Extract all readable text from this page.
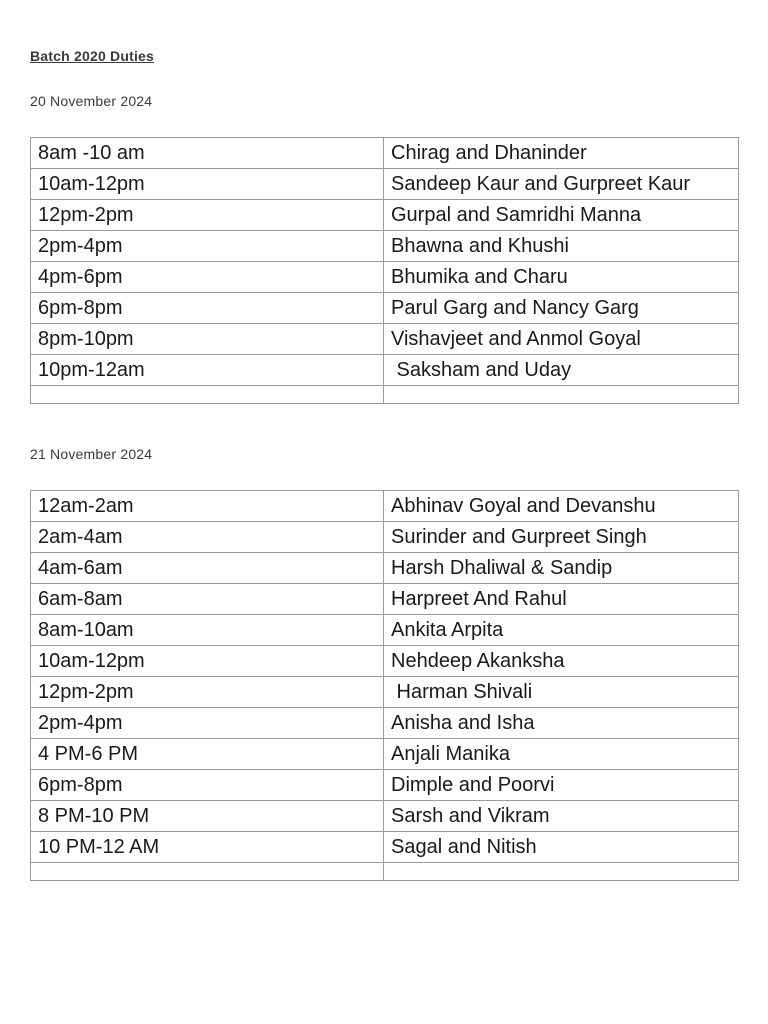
Batch 2020 Duties
20 November 2024
8am -10 am	Chirag and Dhaninder
10am-12pm	Sandeep Kaur and Gurpreet Kaur
12pm-2pm	Gurpal and Samridhi Manna
2pm-4pm	Bhawna and Khushi
4pm-6pm	Bhumika and Charu
6pm-8pm	Parul Garg and Nancy Garg
8pm-10pm	Vishavjeet and Anmol Goyal
10pm-12am	Saksham and Uday

21 November 2024
12am-2am	Abhinav Goyal and Devanshu
2am-4am	Surinder and Gurpreet Singh
4am-6am	Harsh Dhaliwal & Sandip
6am-8am	Harpreet And Rahul
8am-10am	Ankita Arpita
10am-12pm	Nehdeep Akanksha
12pm-2pm	Harman Shivali
2pm-4pm	Anisha and Isha
4 PM-6 PM	Anjali Manika
6pm-8pm	Dimple and Poorvi
8 PM-10 PM	Sarsh and Vikram
10 PM-12 AM	Sagal and Nitish
